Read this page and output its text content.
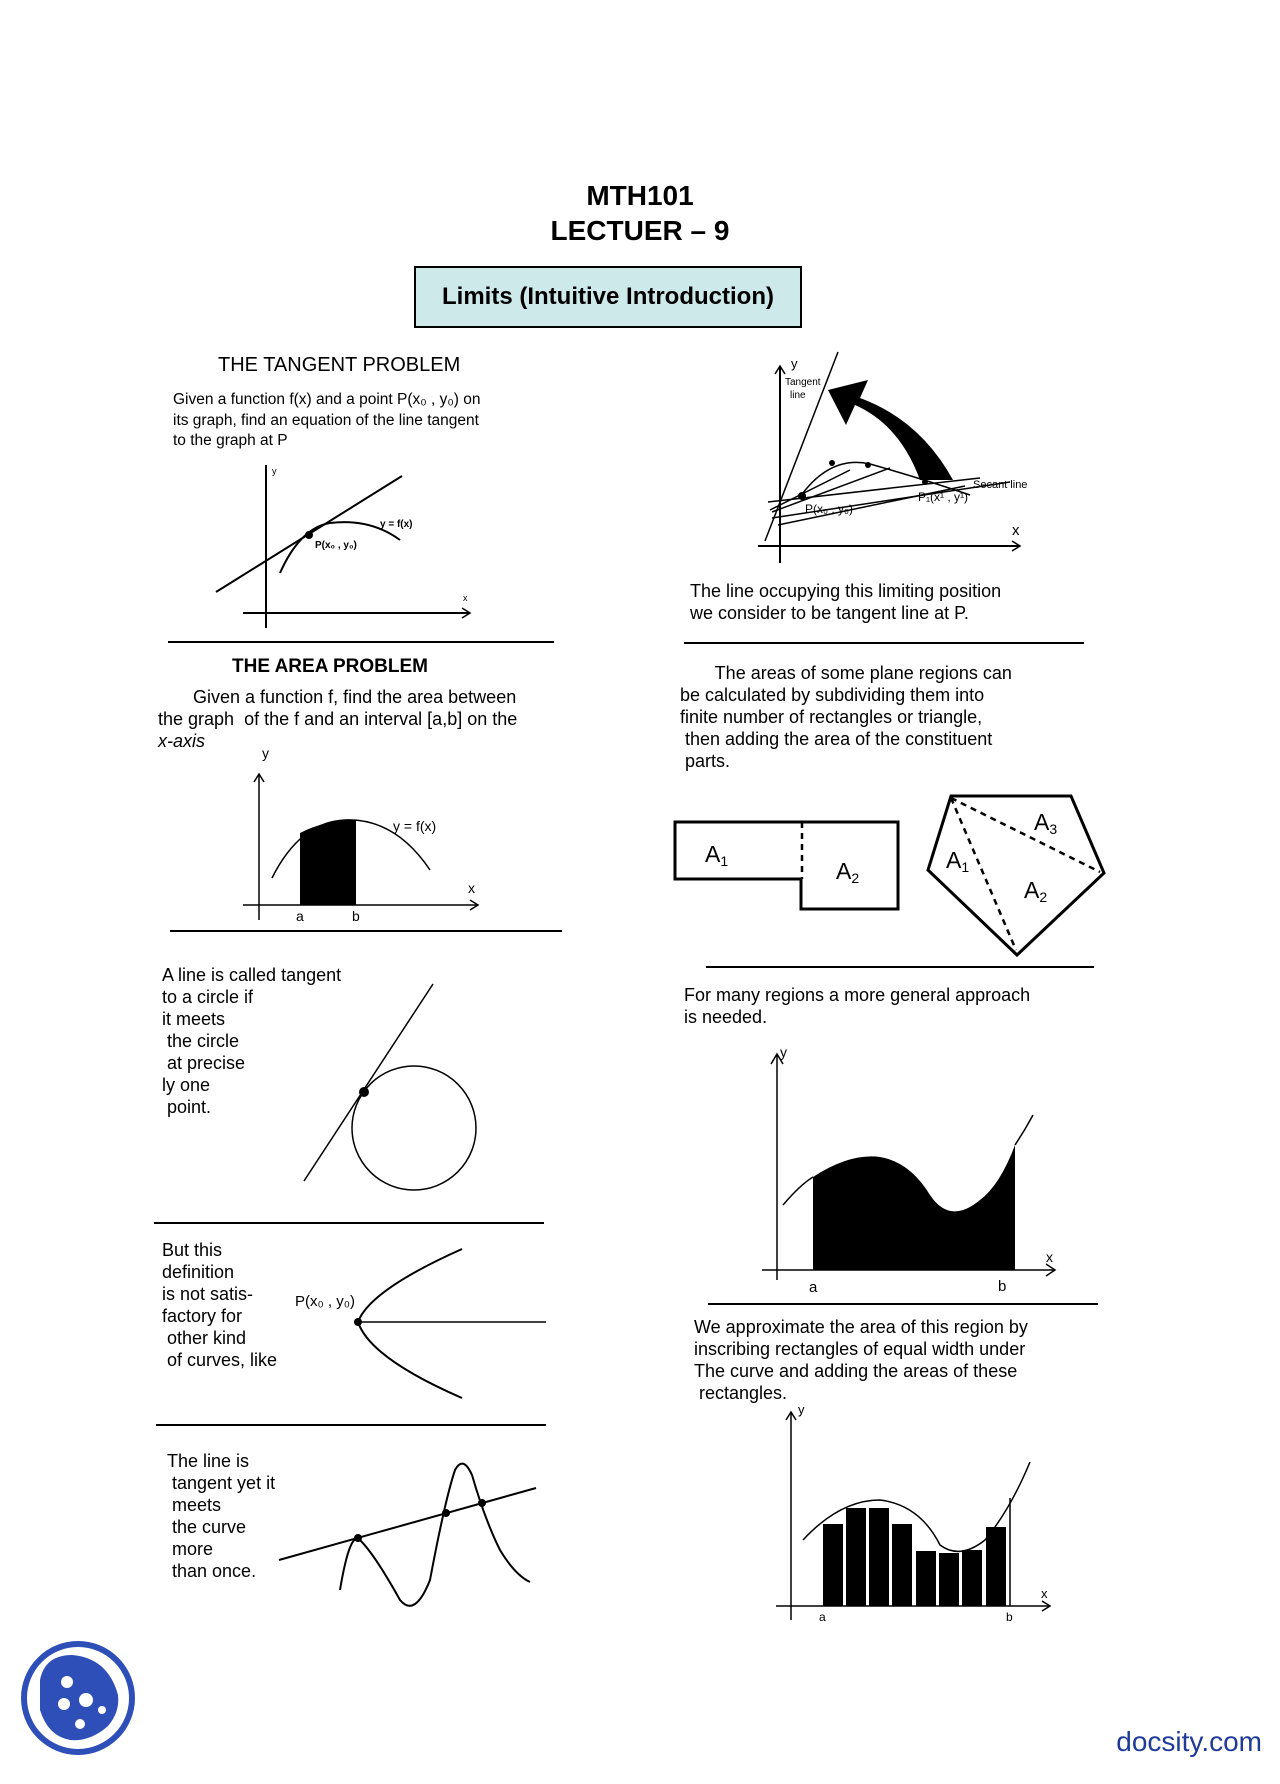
MTH101
LECTUER – 9
Limits (Intuitive Introduction)
THE TANGENT PROBLEM
Given a function f(x) and a point P(x₀ , y₀) on
its graph, find an equation of the line tangent
to the graph at P
y = f(x)
P(x₀ , y₀)
y
x
y
x
Tangent
line
Secant line
P(x₀ , y₀)
P₁(x¹ , y¹)
The line occupying this limiting position
we consider to be tangent line at P.
THE AREA PROBLEM
Given a function f, find the area between
the graph  of the f and an interval [a,b] on the
x-axis
y
x
y = f(x)
a	b
The areas of some plane regions can
be calculated by subdividing them into
finite number of rectangles or triangle,
then adding the area of the constituent
parts.
A1	A2
A3
A1
A2
A line is called tangent
to a circle if
it meets
the circle
at precise
ly one
point.
For many regions a more general approach
is needed.
y
x
a	b
But this
definition
is not satis-
factory for
other kind
of curves, like
P(x₀ , y₀)
We approximate the area of this region by
inscribing rectangles of equal width under
The curve and adding the areas of these
rectangles.
y
x
a	b
The line is
tangent yet it
meets
the curve
more
than once.
docsity.com
